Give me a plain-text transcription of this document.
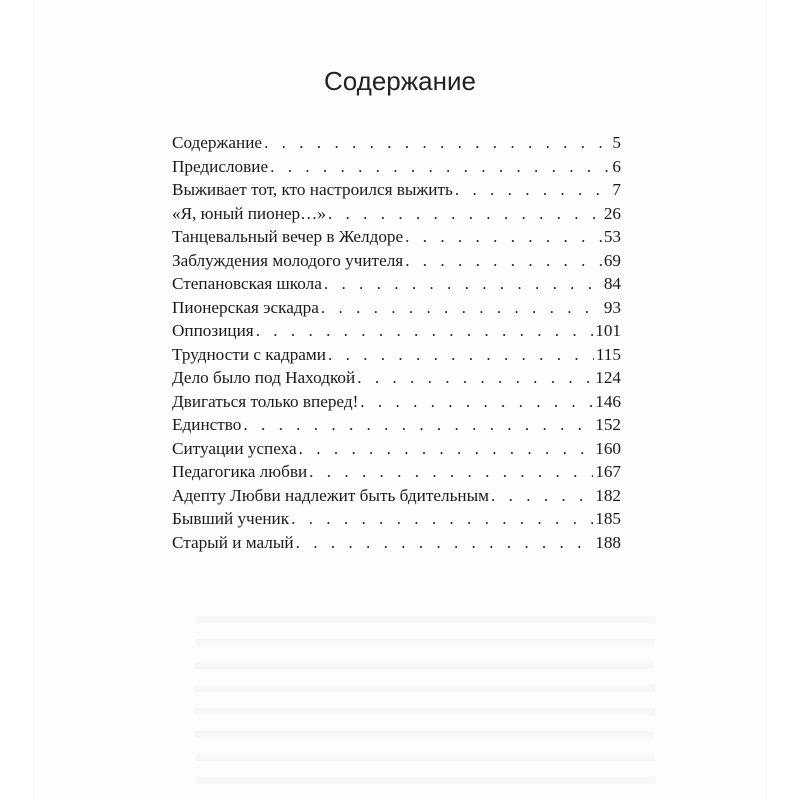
Содержание
Содержание . . .	5
Предисловие . . .	6
Выживает тот, кто настроился выжить . . .	7
«Я, юный пионер…» . . .	26
Танцевальный вечер в Желдоре . . .	53
Заблуждения молодого учителя . . .	69
Степановская школа . . .	84
Пионерская эскадра . . .	93
Оппозиция . . .	101
Трудности с кадрами . . .	115
Дело было под Находкой . . .	124
Двигаться только вперед! . . .	146
Единство . . .	152
Ситуации успеха . . .	160
Педагогика любви . . .	167
Адепту Любви надлежит быть бдительным . . .	182
Бывший ученик . . .	185
Старый и малый . . .	188
